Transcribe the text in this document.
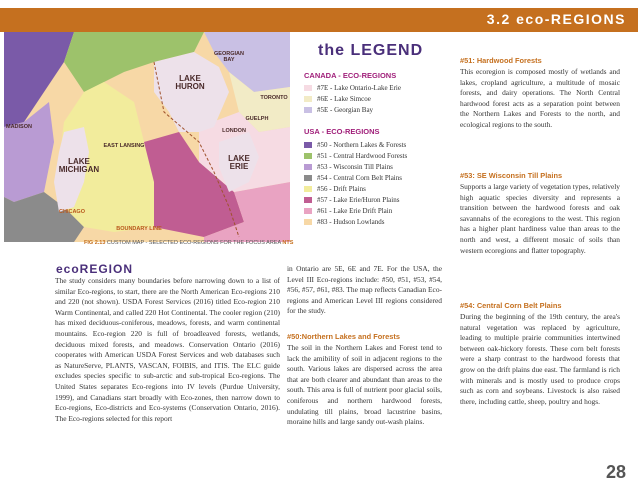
3.2 eco-REGIONS
GEORGIAN BAY
LAKE HURON
TORONTO
GUELPH
LONDON
MADISON
EAST LANSING
LAKE MICHIGAN
LAKE ERIE
CHICAGO
BOUNDARY LINE
FIG 2.13 CUSTOM MAP - SELECTED ECO-REGIONS FOR THE FOCUS AREA NTS
the LEGEND
CANADA - ECO-REGIONS
#7E - Lake Ontario-Lake Erie
#6E - Lake Simcoe
#5E - Georgian Bay
USA - ECO-REGIONS
#50 - Northern Lakes & Forests
#51 - Central Hardwood Forests
#53 - Wisconsin Till Plains
#54 - Central Corn Belt Plains
#56 - Drift Plains
#57 - Lake Erie/Huron Plains
#61 - Lake Erie Drift Plain
#83 - Hudson Lowlands
ecoREGION
The study considers many boundaries before narrowing down to a list of similar Eco-regions, to start, there are the North American Eco-regions 210 and 220 (not shown). USDA Forest Services (2016) titled Eco-region 210 Warm Continental, and called 220 Hot Continental. The cooler region (210) has mixed deciduous-coniferous, meadows, forests, and warm continental mountains. Eco-region 220 is full of broadleaved forests, wetlands, deciduous mixed forests, and meadows. Conservation Ontario (2016) cooperates with American USDA Forest Services and web databases such as NatureServe, PLANTS, VASCAN, FOIBIS, and ITIS. The ELC guide excludes species specific to sub-arctic and sub-tropical Eco-regions. The United States separates Eco-regions into IV levels (Purdue University, 1999), and Canadians start broadly with Eco-zones, then narrow down to Eco-regions, Eco-districts and Eco-systems (Conservation Ontario, 2016). The Eco-regions selected for this report
in Ontario are 5E, 6E and 7E. For the USA, the Level III Eco-regions include: #50, #51, #53, #54, #56, #57, #61, #83. The map reflects Canadian Eco-regions and American Level III regions considered for the study.
#50:Northern Lakes and Forests
The soil in the Northern Lakes and Forest tend to lack the amibility of soil in adjacent regions to the south. Various lakes are dispersed across the area that are both clearer and abundant than areas to the south. This area is full of nutrient poor glacial soils, coniferous and northern hardwood forests, undulating till plains, broad lacustrine basins, moraine hills and large sandy out-wash plains.
#51: Hardwood Forests
This ecoregion is composed mostly of wetlands and lakes, cropland agriculture, a multitude of mosaic forests, and dairy operations. The North Central hardwood forest acts as a separation point between the Northern Lakes and Forests to the north, and ecological regions to the south.
#53: SE Wisconsin Till Plains
Supports a large variety of vegetation types, relatively high aquatic species diversity and represents a transition between the hardwood forests and oak savannahs of the ecoregions to the west. This region has a higher plant hardiness value than areas to the north and west, a different mosaic of soils than western ecoregions and flatter topography.
#54: Central Corn Belt Plains
During the beginning of the 19th century, the area's natural vegetation was replaced by agriculture, leading to multiple prairie communities intertwined between oak-hickory forests. These corn belt forests were a sharp contrast to the hardwood forests that grow on the drift plains due east. The farmland is rich with minerals and is mostly used to produce crops such as corn and soybeans. Livestock is also raised there, including cattle, sheep, poultry and hogs.
28
